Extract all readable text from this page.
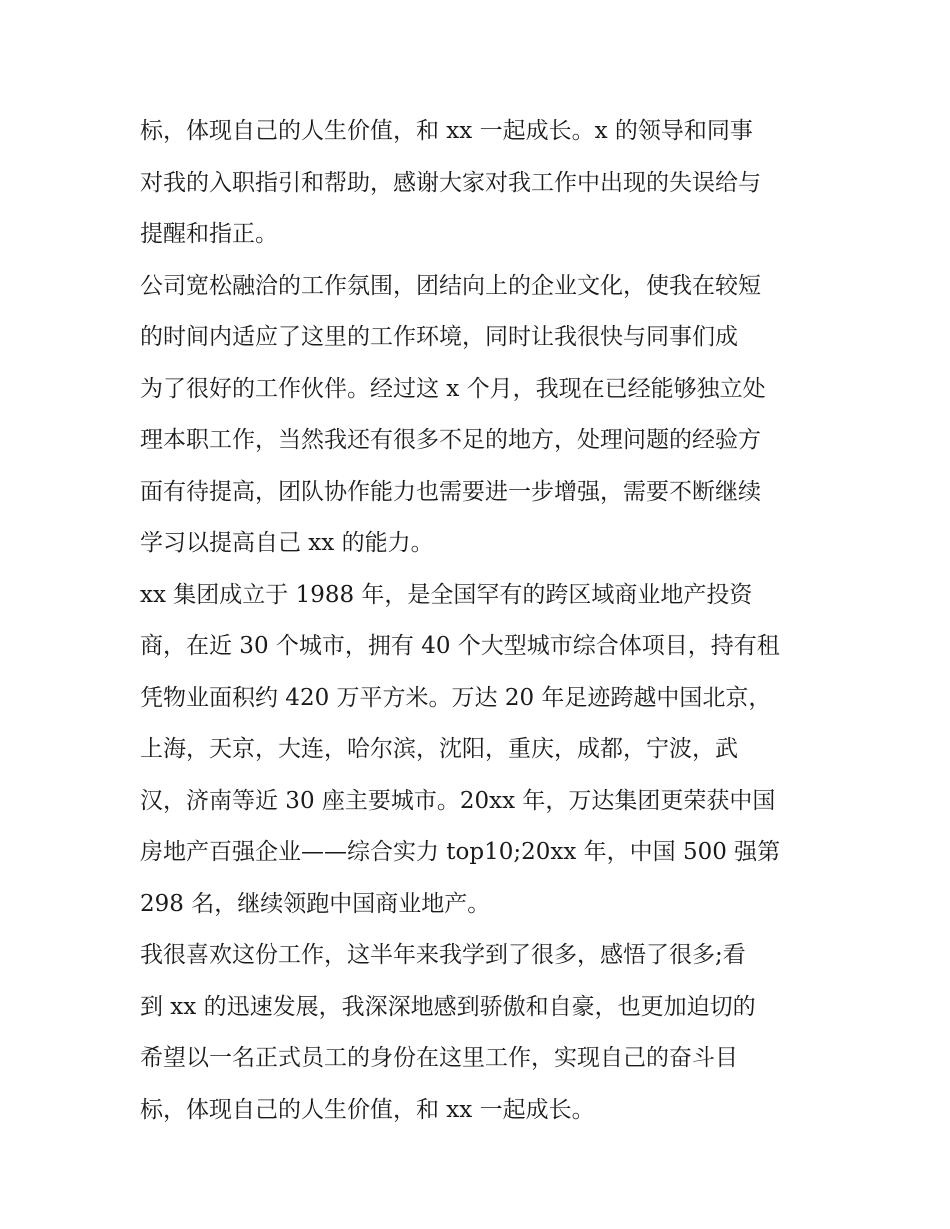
标，体现自己的人生价值，和 xx 一起成长。x 的领导和同事
对我的入职指引和帮助，感谢大家对我工作中出现的失误给与
提醒和指正。
公司宽松融洽的工作氛围，团结向上的企业文化，使我在较短
的时间内适应了这里的工作环境，同时让我很快与同事们成
为了很好的工作伙伴。经过这 x 个月，我现在已经能够独立处
理本职工作，当然我还有很多不足的地方，处理问题的经验方
面有待提高，团队协作能力也需要进一步增强，需要不断继续
学习以提高自己 xx 的能力。
xx 集团成立于 1988 年，是全国罕有的跨区域商业地产投资
商，在近 30 个城市，拥有 40 个大型城市综合体项目，持有租
凭物业面积约 420 万平方米。万达 20 年足迹跨越中国北京，
上海，天京，大连，哈尔滨，沈阳，重庆，成都，宁波，武
汉，济南等近 30 座主要城市。20xx 年，万达集团更荣获中国
房地产百强企业——综合实力 top10;20xx 年，中国 500 强第
298 名，继续领跑中国商业地产。
我很喜欢这份工作，这半年来我学到了很多，感悟了很多;看
到 xx 的迅速发展，我深深地感到骄傲和自豪，也更加迫切的
希望以一名正式员工的身份在这里工作，实现自己的奋斗目
标，体现自己的人生价值，和 xx 一起成长。
